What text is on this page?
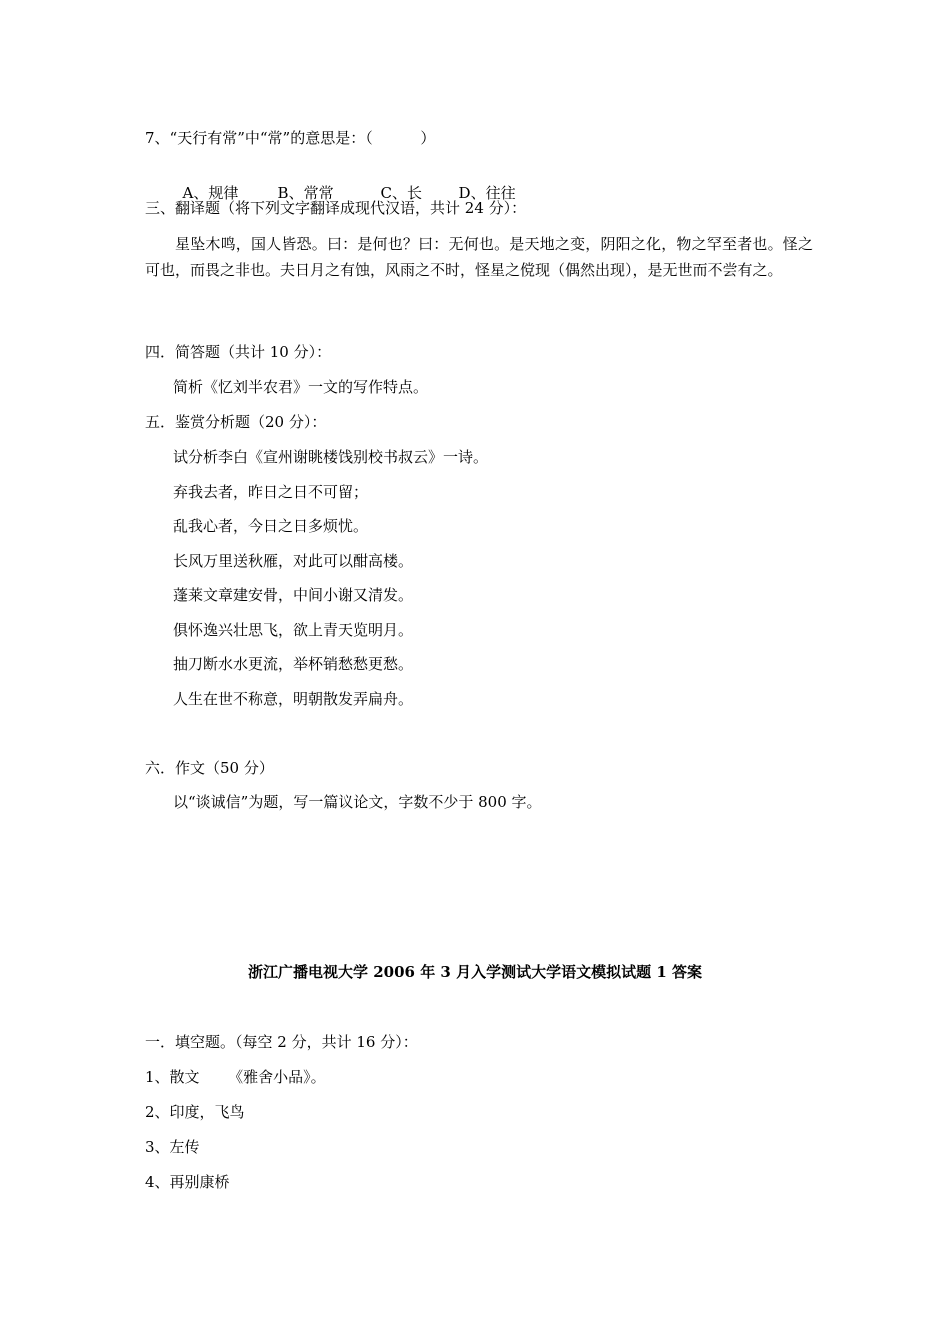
7、“天行有常”中“常”的意思是：（          ）

A、规律	B、常常	C、长 D、往往

三、翻译题（将下列文字翻译成现代汉语，共计 24 分）：
星坠木鸣，国人皆恐。曰：是何也？曰：无何也。是天地之变，阴阳之化，物之罕至者也。怪之可也，而畏之非也。夫日月之有蚀，风雨之不时，怪星之傥现（偶然出现），是无世而不尝有之。
四．简答题（共计 10 分）：
简析《忆刘半农君》一文的写作特点。
五．鉴赏分析题（20 分）：
试分析李白《宣州谢眺楼饯别校书叔云》一诗。
弃我去者，昨日之日不可留；
乱我心者，今日之日多烦忧。
长风万里送秋雁，对此可以酣高楼。
蓬莱文章建安骨，中间小谢又清发。
俱怀逸兴壮思飞，欲上青天览明月。
抽刀断水水更流，举杯销愁愁更愁。
人生在世不称意，明朝散发弄扁舟。
六．作文（50 分）
以“谈诚信”为题，写一篇议论文，字数不少于 800 字。
浙江广播电视大学 2006 年 3 月入学测试大学语文模拟试题 1 答案
一．填空题。（每空 2 分，共计 16 分）：
1、散文      《雅舍小品》。
2、印度，飞鸟
3、左传
4、再别康桥
